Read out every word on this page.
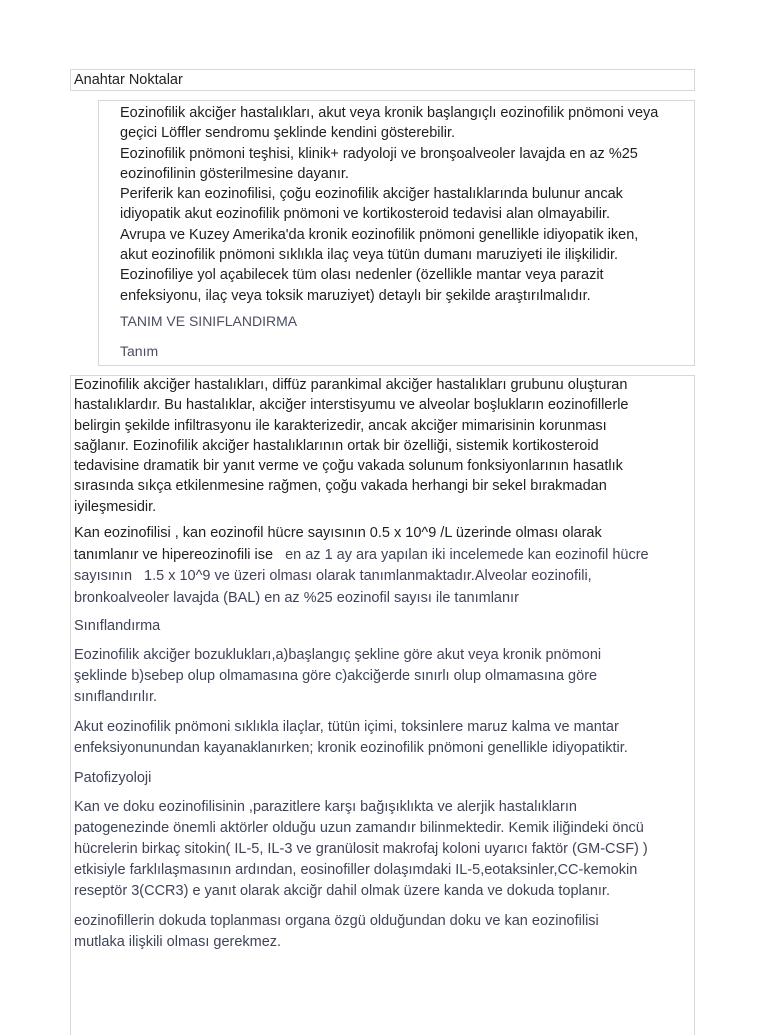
Anahtar Noktalar
Eozinofilik akciğer hastalıkları, akut veya kronik başlangıçlı eozinofilik pnömoni veya
geçici Löffler sendromu şeklinde kendini gösterebilir.
Eozinofilik pnömoni teşhisi, klinik+ radyoloji ve bronşoalveoler lavajda en az %25
eozinofilinin gösterilmesine dayanır.
Periferik kan eozinofilisi, çoğu eozinofilik akciğer hastalıklarında bulunur ancak
idiyopatik akut eozinofilik pnömoni ve kortikosteroid tedavisi alan olmayabilir.
Avrupa ve Kuzey Amerika'da kronik eozinofilik pnömoni genellikle idiyopatik iken,
akut eozinofilik pnömoni sıklıkla ilaç veya tütün dumanı maruziyeti ile ilişkilidir.
Eozinofiliye yol açabilecek tüm olası nedenler (özellikle mantar veya parazit
enfeksiyonu, ilaç veya toksik maruziyet) detaylı bir şekilde araştırılmalıdır.
TANIM VE SINIFLANDIRMA
Tanım
Eozinofilik akciğer hastalıkları, diffüz parankimal akciğer hastalıkları grubunu oluşturan
hastalıklardır. Bu hastalıklar, akciğer interstisyumu ve alveolar boşlukların eozinofillerle
belirgin şekilde infiltrasyonu ile karakterizedir, ancak akciğer mimarisinin korunması
sağlanır. Eozinofilik akciğer hastalıklarının ortak bir özelliği, sistemik kortikosteroid
tedavisine dramatik bir yanıt verme ve çoğu vakada solunum fonksiyonlarının hasatlık
sırasında sıkça etkilenmesine rağmen, çoğu vakada herhangi bir sekel bırakmadan
iyileşmesidir.
Kan eozinofilisi , kan eozinofil hücre sayısının 0.5 x 10^9 /L üzerinde olması olarak
tanımlanır ve hipereozinofili ise en az 1 ay ara yapılan iki incelemede kan eozinofil hücre
sayısının 1.5 x 10^9 ve üzeri olması olarak tanımlanmaktadır.Alveolar eozinofili,
bronkoalveoler lavajda (BAL) en az %25 eozinofil sayısı ile tanımlanır
Sınıflandırma
Eozinofilik akciğer bozuklukları,a)başlangıç şekline göre akut veya kronik pnömoni
şeklinde b)sebep olup olmamasına göre c)akciğerde sınırlı olup olmamasına göre
sınıflandırılır.
Akut eozinofilik pnömoni sıklıkla ilaçlar, tütün içimi, toksinlere maruz kalma ve mantar
enfeksiyonunundan kayanaklanırken; kronik eozinofilik pnömoni genellikle idiyopatiktir.
Patofizyoloji
Kan ve doku eozinofilisinin ,parazitlere karşı bağışıklıkta ve alerjik hastalıkların
patogenezinde önemli aktörler olduğu uzun zamandır bilinmektedir. Kemik iliğindeki öncü
hücrelerin birkaç sitokin( IL-5, IL-3 ve granülosit makrofaj koloni uyarıcı faktör (GM-CSF) )
etkisiyle farklılaşmasının ardından, eosinofiller dolaşımdaki IL-5,eotaksinler,CC-kemokin
reseptör 3(CCR3) e yanıt olarak akciğr dahil olmak üzere kanda ve dokuda toplanır.
eozinofillerin dokuda toplanması organa özgü olduğundan doku ve kan eozinofilisi
mutlaka ilişkili olması gerekmez.
